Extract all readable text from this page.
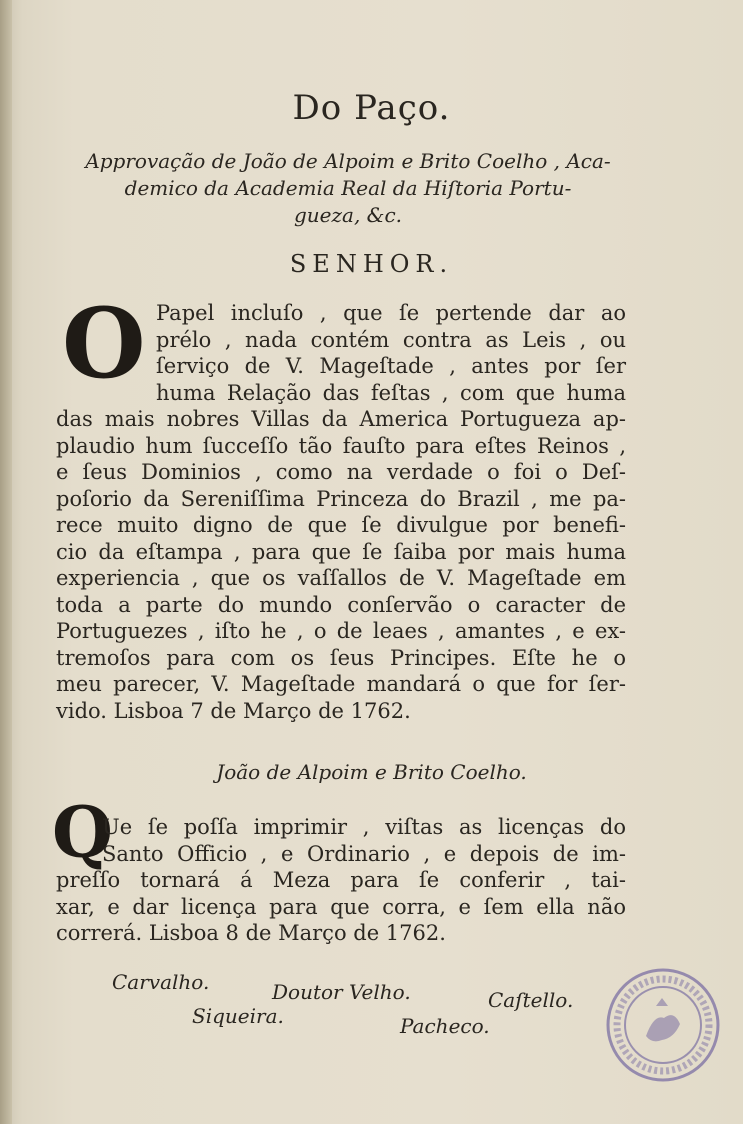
Do Paço.
Approvação de João de Alpoim e Brito Coelho , Aca-
demico da Academia Real da Hiſtoria Portu-
gueza, &c.
SENHOR.
O Papel incluſo , que ſe pertende dar ao
prélo , nada contém contra as Leis , ou
ſerviço de V. Mageſtade , antes por ſer
huma Relação das feſtas , com que huma
das mais nobres Villas da America Portugueza ap-
plaudio hum ſucceſſo tão fauſto para eſtes Reinos ,
e ſeus Dominios , como na verdade o foi o Deſ-
poſorio da Sereniſſima Princeza do Brazil , me pa-
rece muito digno de que ſe divulgue por benefi-
cio da eſtampa , para que ſe ſaiba por mais huma
experiencia , que os vaſſallos de V. Mageſtade em
toda a parte do mundo conſervão o caracter de
Portuguezes , iſto he , o de leaes , amantes , e ex-
tremoſos para com os ſeus Principes. Eſte he o
meu parecer, V. Mageſtade mandará o que for ſer-
vido. Lisboa 7 de Março de 1762.
João de Alpoim e Brito Coelho.
Q
Ue ſe poſſa imprimir , viſtas as licenças do
Santo Officio , e Ordinario , e depois de im-
preſſo tornará á Meza para ſe conferir , tai-
xar, e dar licença para que corra, e ſem ella não
correrá. Lisboa 8 de Março de 1762.
Carvalho.	Doutor Velho.	Caſtello.
Siqueira.	Pacheco.
